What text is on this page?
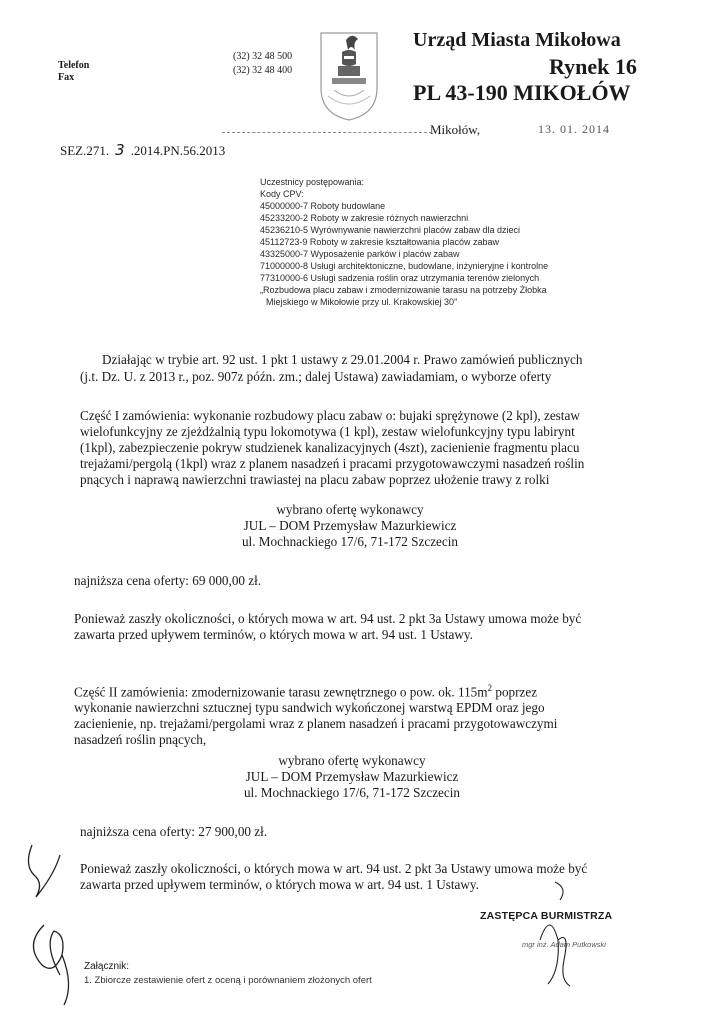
Telefon
Fax
(32) 32 48 500
(32) 32 48 400
Urząd Miasta Mikołowa
Rynek 16
PL 43-190 MIKOŁÓW
Mikołów,	13. 01. 2014
SEZ.271. 3 .2014.PN.56.2013
Uczestnicy postępowania:
Kody CPV:
45000000-7 Roboty budowlane
45233200-2 Roboty w zakresie różnych nawierzchni
45236210-5 Wyrównywanie nawierzchni placów zabaw dla dzieci
45112723-9 Roboty w zakresie kształtowania placów zabaw
43325000-7 Wyposażenie parków i placów zabaw
71000000-8 Usługi architektoniczne, budowlane, inżynieryjne i kontrolne
77310000-6 Usługi sadzenia roślin oraz utrzymania terenów zielonych
„Rozbudowa placu zabaw i zmodernizowanie tarasu na potrzeby Żłobka
Miejskiego w Mikołowie przy ul. Krakowskiej 30”
Działając w trybie art. 92 ust. 1 pkt 1 ustawy z 29.01.2004 r. Prawo zamówień publicznych
(j.t. Dz. U. z 2013 r., poz. 907z późn. zm.; dalej Ustawa) zawiadamiam, o wyborze oferty
Część I zamówienia: wykonanie rozbudowy placu zabaw o: bujaki sprężynowe (2 kpl), zestaw
wielofunkcyjny ze zjeżdżalnią typu lokomotywa (1 kpl), zestaw wielofunkcyjny typu labirynt
(1kpl), zabezpieczenie pokryw studzienek kanalizacyjnych (4szt), zacienienie fragmentu placu
trejażami/pergolą (1kpl) wraz z planem nasadzeń i pracami przygotowawczymi nasadzeń roślin
pnących i naprawą nawierzchni trawiastej na placu zabaw poprzez ułożenie trawy z rolki
wybrano ofertę wykonawcy
JUL – DOM Przemysław Mazurkiewicz
ul. Mochnackiego 17/6, 71-172 Szczecin
najniższa cena oferty: 69 000,00 zł.
Ponieważ zaszły okoliczności, o których mowa w art. 94 ust. 2 pkt 3a Ustawy umowa może być
zawarta przed upływem terminów, o których mowa w art. 94 ust. 1 Ustawy.
Część II zamówienia: zmodernizowanie tarasu zewnętrznego o pow. ok. $115m^2$ poprzez
wykonanie nawierzchni sztucznej typu sandwich wykończonej warstwą EPDM oraz jego
zacienienie, np. trejażami/pergolami wraz z planem nasadzeń i pracami przygotowawczymi
nasadzeń roślin pnących,
wybrano ofertę wykonawcy
JUL – DOM Przemysław Mazurkiewicz
ul. Mochnackiego 17/6, 71-172 Szczecin
najniższa cena oferty: 27 900,00 zł.
Ponieważ zaszły okoliczności, o których mowa w art. 94 ust. 2 pkt 3a Ustawy umowa może być
zawarta przed upływem terminów, o których mowa w art. 94 ust. 1 Ustawy.
ZASTĘPCA BURMISTRZA
mgr inż. Adam Putkowski
Załącznik:
1. Zbiorcze zestawienie ofert z oceną i porównaniem złożonych ofert
